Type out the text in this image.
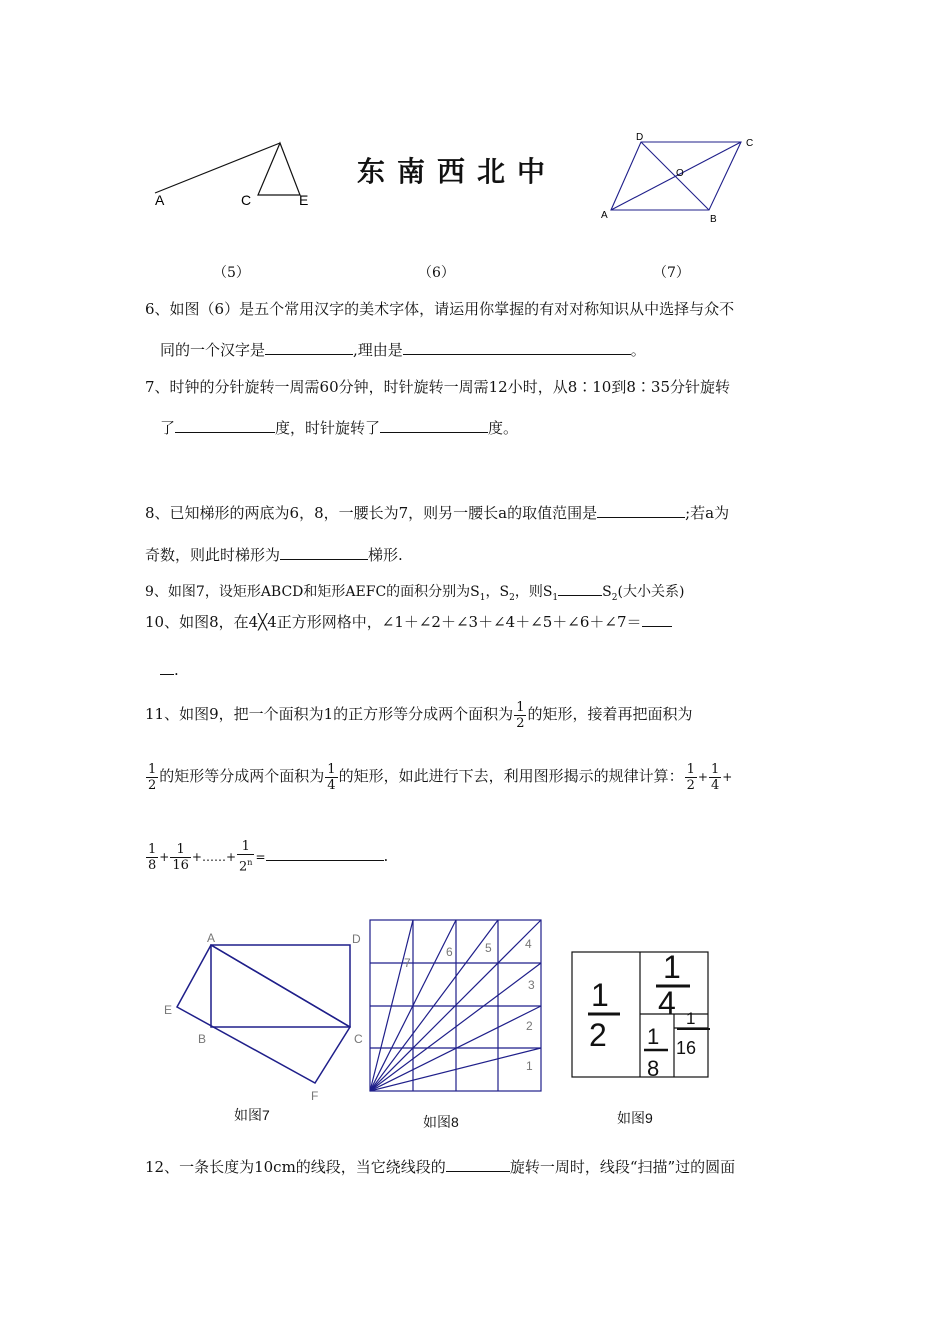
A	C	E
东南西北中
D
C
O
A	B
（5）	（6）	（7）
6、如图（6）是五个常用汉字的美术字体，请运用你掌握的有对对称知识从中选择与众不
同的一个汉字是	,理由是	。
7、时钟的分针旋转一周需60分钟，时针旋转一周需12小时，从8∶10到8∶35分针旋转
了	度，时针旋转了	度。
8、已知梯形的两底为6，8，一腰长为7，则另一腰长a的取值范围是	;若a为
奇数，则此时梯形为	梯形.
9、如图7，设矩形ABCD和矩形AEFC的面积分别为$S_1$，$S_2$，则$S_1$	$S_2$(大小关系)
10、如图8，在4╳4正方形网格中，∠1＋∠2＋∠3＋∠4＋∠5＋∠6＋∠7＝
.
11、如图9，把一个面积为1的正方形等分成两个面积为 $\frac{1}{2}$ 的矩形，接着再把面积为
$\frac{1}{2}$ 的矩形等分成两个面积为 $\frac{1}{4}$ 的矩形，如此进行下去，利用图形揭示的规律计算： $\frac{1}{2} + \frac{1}{4}$ +
$\frac{1}{8} + \frac{1}{16}$ +……+ $\frac{1}{2^n}$ =	.
A	D
E
B	C
F
如图7
7
6	5	4
3
2
1
如图8
1
2
1
4
1
8
1
16
如图9
12、一条长度为10cm的线段，当它绕线段的	旋转一周时，线段“扫描”过的圆面
